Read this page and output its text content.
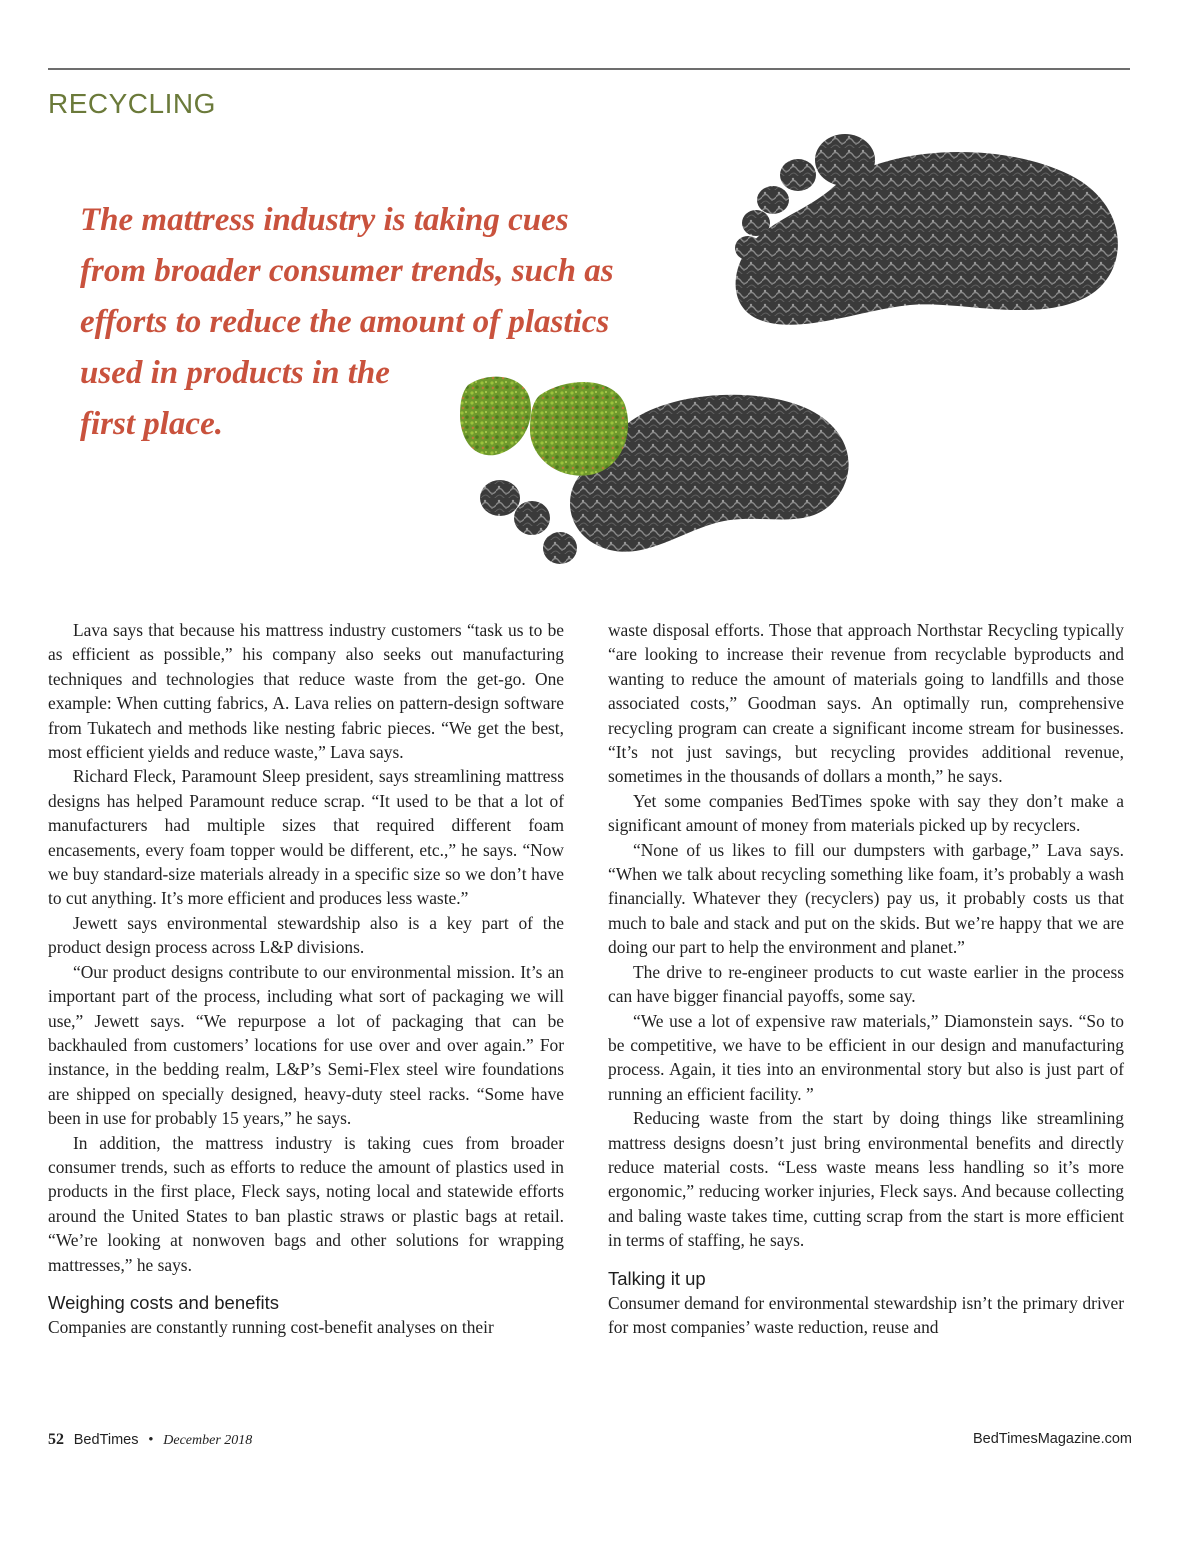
RECYCLING
The mattress industry is taking cues
from broader consumer trends, such as
efforts to reduce the amount of plastics
used in products in the
first place.

Lava says that because his mattress industry customers “task us to be as efficient as possible,” his company also seeks out manufacturing techniques and technologies that reduce waste from the get-go. One example: When cutting fabrics, A. Lava relies on pattern-design software from Tukatech and methods like nesting fabric pieces. “We get the best, most efficient yields and reduce waste,” Lava says.

Richard Fleck, Paramount Sleep president, says streamlining mattress designs has helped Paramount reduce scrap. “It used to be that a lot of manufacturers had multiple sizes that required different foam encasements, every foam topper would be different, etc.,” he says. “Now we buy standard-size materials already in a specific size so we don’t have to cut anything. It’s more efficient and produces less waste.”

Jewett says environmental stewardship also is a key part of the product design process across L&P divisions.

“Our product designs contribute to our environmental mission. It’s an important part of the process, including what sort of packaging we will use,” Jewett says. “We repurpose a lot of packaging that can be backhauled from customers’ locations for use over and over again.” For instance, in the bedding realm, L&P’s Semi-Flex steel wire foundations are shipped on specially designed, heavy-duty steel racks. “Some have been in use for probably 15 years,” he says.

In addition, the mattress industry is taking cues from broader consumer trends, such as efforts to reduce the amount of plastics used in products in the first place, Fleck says, noting local and statewide efforts around the United States to ban plastic straws or plastic bags at retail. “We’re looking at nonwoven bags and other solutions for wrapping mattresses,” he says.

Weighing costs and benefits

Companies are constantly running cost-benefit analyses on their

waste disposal efforts. Those that approach Northstar Recycling typically “are looking to increase their revenue from recyclable byproducts and wanting to reduce the amount of materials going to landfills and those associated costs,” Goodman says. An optimally run, comprehensive recycling program can create a significant income stream for businesses. “It’s not just savings, but recycling provides additional revenue, sometimes in the thousands of dollars a month,” he says.

Yet some companies BedTimes spoke with say they don’t make a significant amount of money from materials picked up by recyclers.

“None of us likes to fill our dumpsters with garbage,” Lava says. “When we talk about recycling something like foam, it’s probably a wash financially. Whatever they (recyclers) pay us, it probably costs us that much to bale and stack and put on the skids. But we’re happy that we are doing our part to help the environment and planet.”

The drive to re-engineer products to cut waste earlier in the process can have bigger financial payoffs, some say.

“We use a lot of expensive raw materials,” Diamonstein says. “So to be competitive, we have to be efficient in our design and manufacturing process. Again, it ties into an environmental story but also is just part of running an efficient facility. ”

Reducing waste from the start by doing things like streamlining mattress designs doesn’t just bring environmental benefits and directly reduce material costs. “Less waste means less handling so it’s more ergonomic,” reducing worker injuries, Fleck says. And because collecting and baling waste takes time, cutting scrap from the start is more efficient in terms of staffing, he says.

Talking it up

Consumer demand for environmental stewardship isn’t the primary driver for most companies’ waste reduction, reuse and

52 BedTimes • December 2018	BedTimesMagazine.com
